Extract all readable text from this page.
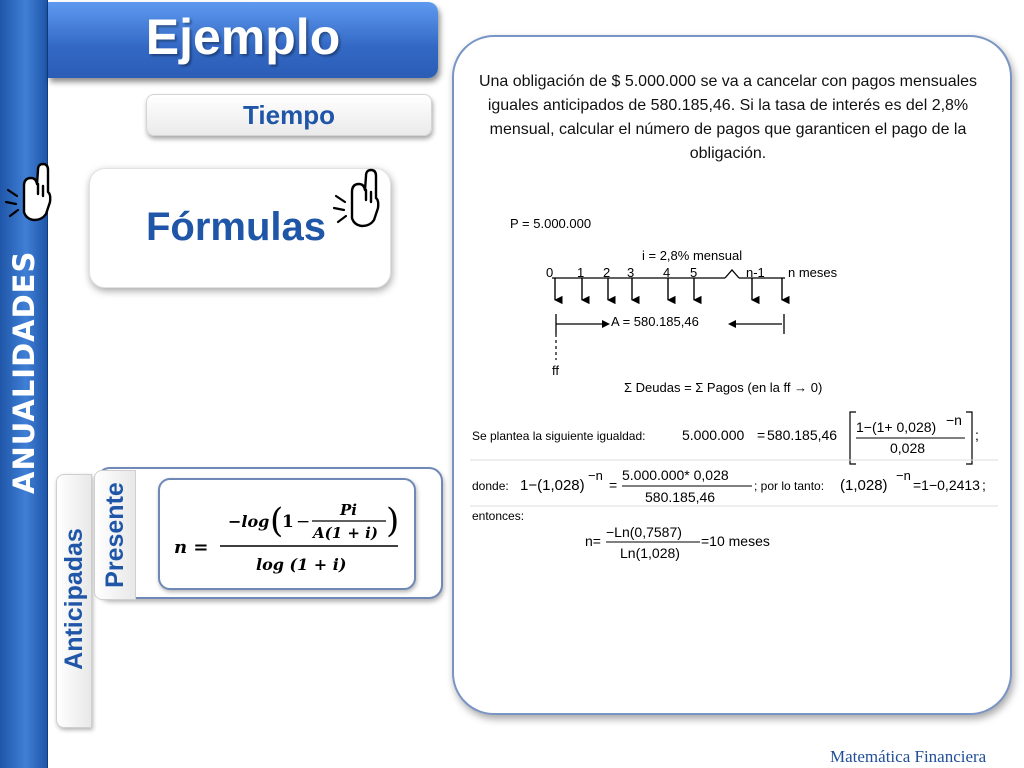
ANUALIDADES
Ejemplo
Tiempo
Fórmulas
Anticipadas Presente	n =
−log (
1 −
Pi
A(1 + i) )
log (1 + i)
Una obligación de $ 5.000.000 se va a cancelar con pagos mensuales iguales anticipados de 580.185,46. Si la tasa de interés es del 2,8% mensual, calcular el número de pagos que garanticen el pago de la obligación.
P = 5.000.000
i = 2,8% mensual
0 1 2 3 4 5	n-1 n meses
A = 580.185,46
ff
Σ Deudas = Σ Pagos (en la ff → 0)
Se plantea la siguiente igualdad:	5.000.000 = 580.185,46 1−(1+ 0,028) −n
0,028
;
donde: 1−(1,028)
−n
=
5.000.000* 0,028
580.185,46
; por lo tanto: (1,028)
−n
=1−0,2413 ;
entonces:
n=
−Ln(0,7587)
Ln(1,028)
=10 meses
Matemática Financiera
